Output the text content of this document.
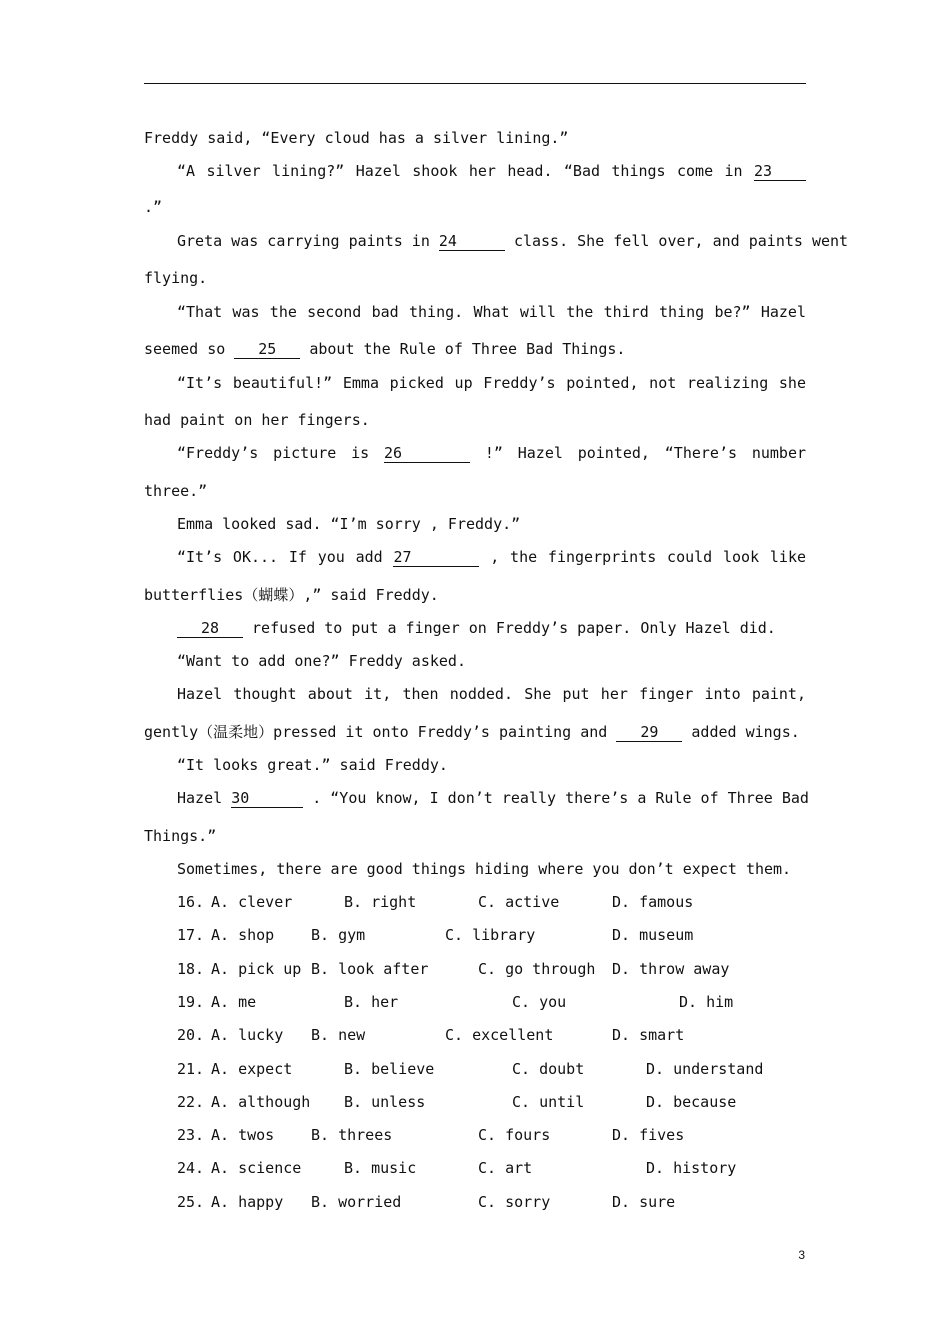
Freddy said, “Every cloud has a silver lining.”
“A silver lining?” Hazel shook her head. “Bad things come in 23
.”
Greta was carrying paints in 24	class. She fell over, and paints went
flying.
“That was the second bad thing. What will the third thing be?” Hazel
seemed so 25 about the Rule of Three Bad Things.
“It’s beautiful!” Emma picked up Freddy’s pointed, not realizing she
had paint on her fingers.
“Freddy’s picture is 26	!” Hazel pointed, “There’s number
three.”
Emma looked sad. “I’m sorry , Freddy.”
“It’s OK... If you add 27	, the fingerprints could look like
butterflies（蝴蝶）,” said Freddy.
28 refused to put a finger on Freddy’s paper. Only Hazel did.
“Want to add one?” Freddy asked.
Hazel thought about it, then nodded. She put her finger into paint,
gently（温柔地）pressed it onto Freddy’s painting and 29 added wings.
“It looks great.” said Freddy.
Hazel 30	. “You know, I don’t really there’s a Rule of Three Bad
Things.”
Sometimes, there are good things hiding where you don’t expect them.
16. A. clever	B. right	C. active	D. famous
17. A. shop B. gym	C. library	D. museum
18. A. pick up B. look after	C. go through D. throw away
19. A. me	B. her	C. you	D. him
20. A. lucky B. new	C. excellent	D. smart
21. A. expect	B. believe	C. doubt	D. understand
22. A. although B. unless	C. until	D. because
23. A. twos B. threes	C. fours	D. fives
24. A. science	B. music	C. art	D. history
25. A. happy B. worried	C. sorry	D. sure
3
